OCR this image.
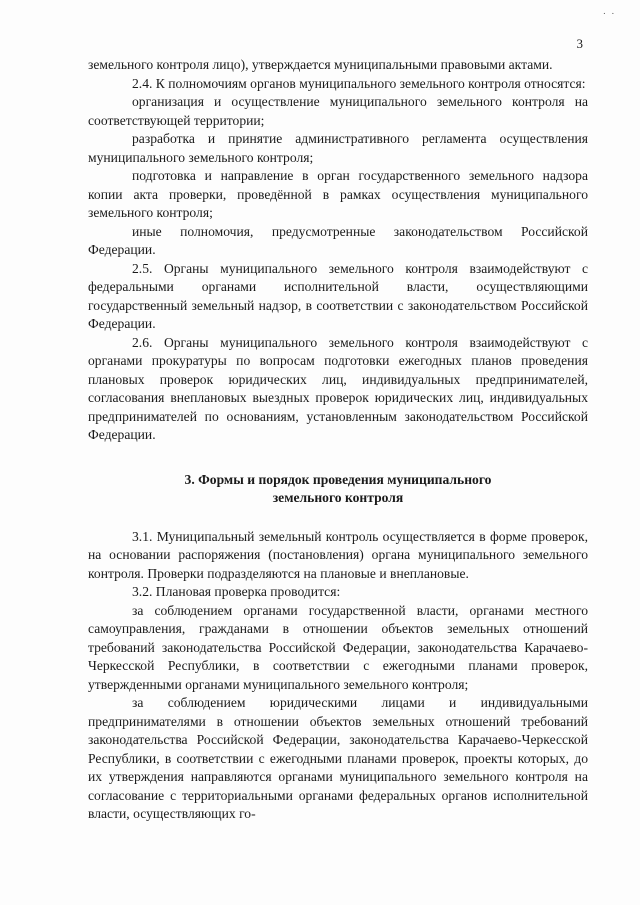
. .
3

земельного контроля лицо), утверждается муниципальными правовыми актами.

2.4. К полномочиям органов муниципального земельного контроля относятся:

организация и осуществление муниципального земельного контроля на соответствующей территории;

разработка и принятие административного регламента осуществления муниципального земельного контроля;

подготовка и направление в орган государственного земельного надзора копии акта проверки, проведённой в рамках осуществления муниципального земельного контроля;

иные полномочия, предусмотренные законодательством Российской Федерации.

2.5. Органы муниципального земельного контроля взаимодействуют с федеральными органами исполнительной власти, осуществляющими государственный земельный надзор, в соответствии с законодательством Российской Федерации.

2.6. Органы муниципального земельного контроля взаимодействуют с органами прокуратуры по вопросам подготовки ежегодных планов проведения плановых проверок юридических лиц, индивидуальных предпринимателей, согласования внеплановых выездных проверок юридических лиц, индивидуальных предпринимателей по основаниям, установленным законодательством Российской Федерации.

3. Формы и порядок проведения муниципального
земельного контроля

3.1. Муниципальный земельный контроль осуществляется в форме проверок, на основании распоряжения (постановления) органа муниципального земельного контроля. Проверки подразделяются на плановые и внеплановые.

3.2. Плановая проверка проводится:

за соблюдением органами государственной власти, органами местного самоуправления, гражданами в отношении объектов земельных отношений требований законодательства Российской Федерации, законодательства Карачаево-Черкесской Республики, в соответствии с ежегодными планами проверок, утвержденными органами муниципального земельного контроля;

за соблюдением юридическими лицами и индивидуальными предпринимателями в отношении объектов земельных отношений требований законодательства Российской Федерации, законодательства Карачаево-Черкесской Республики, в соответствии с ежегодными планами проверок, проекты которых, до их утверждения направляются органами муниципального земельного контроля на согласование с территориальными органами федеральных органов исполнительной власти, осуществляющих го-
